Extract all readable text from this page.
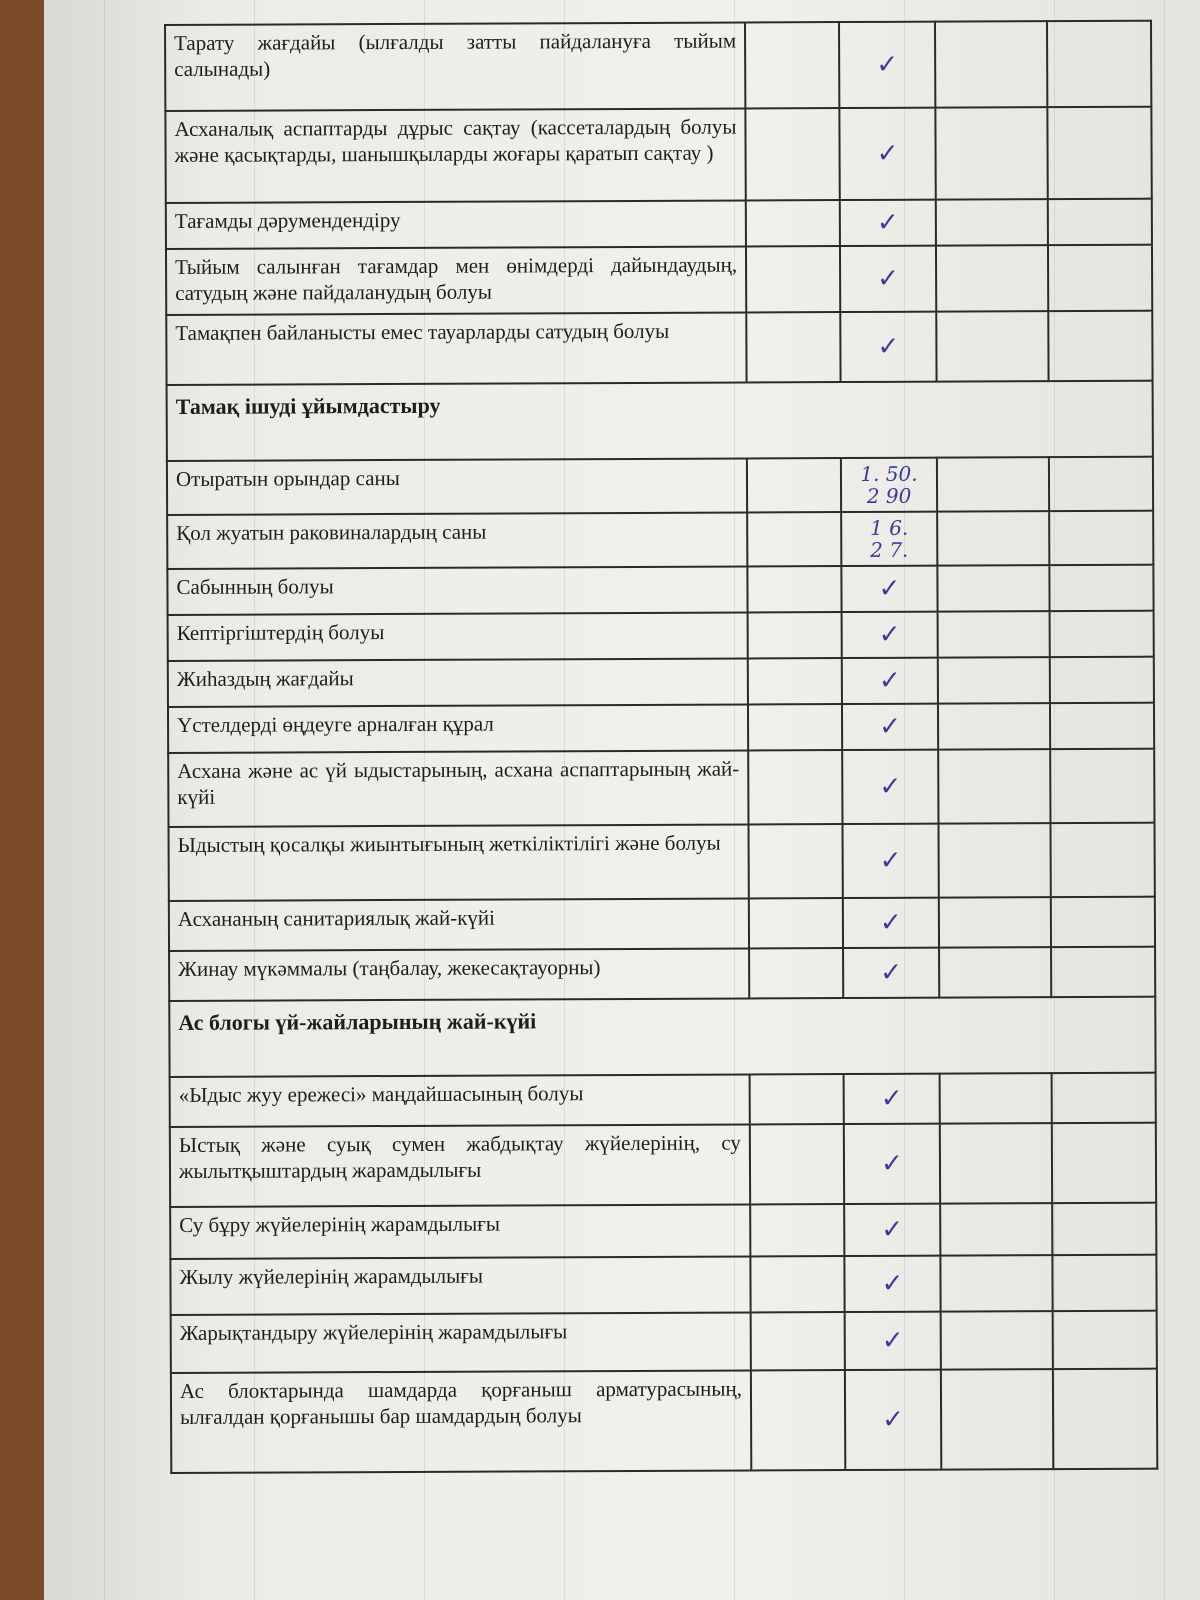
Тарату жағдайы (ылғалды затты пайдалануға тыйым салынады)		✓		
Асханалық аспаптарды дұрыс сақтау (кассеталардың болуы және қасықтарды, шанышқыларды жоғары қаратып сақтау )		✓		
Тағамды дәрумендендіру		✓		
Тыйым салынған тағамдар мен өнімдерді дайындаудың, сатудың және пайдаланудың болуы		✓		
Тамақпен байланысты емес тауарларды сатудың болуы		✓		
Тамақ ішуді ұйымдастыру				
Отыратын орындар саны		1. 50.
2 90		

Қол жуатын раковиналардың саны		1 6.
2 7.		

Сабынның болуы		✓		
Кептіргіштердің болуы		✓		
Жиһаздың жағдайы		✓		
Үстелдерді өңдеуге арналған құрал		✓		
Асхана және ас үй ыдыстарының, асхана аспаптарының жай-күйі		✓		
Ыдыстың қосалқы жиынтығының жеткіліктілігі және болуы		✓		
Асхананың санитариялық жай-күйі		✓		
Жинау мүкәммалы (таңбалау, жекесақтауорны)		✓		
Ас блогы үй-жайларының жай-күйі				
«Ыдыс жуу ережесі» маңдайшасының болуы		✓		
Ыстық және суық сумен жабдықтау жүйелерінің, су жылытқыштардың жарамдылығы		✓		
Су бұру жүйелерінің жарамдылығы		✓		
Жылу жүйелерінің жарамдылығы		✓		
Жарықтандыру жүйелерінің жарамдылығы		✓		
Ас блоктарында шамдарда қорғаныш арматурасының, ылғалдан қорғанышы бар шамдардың болуы		✓		
